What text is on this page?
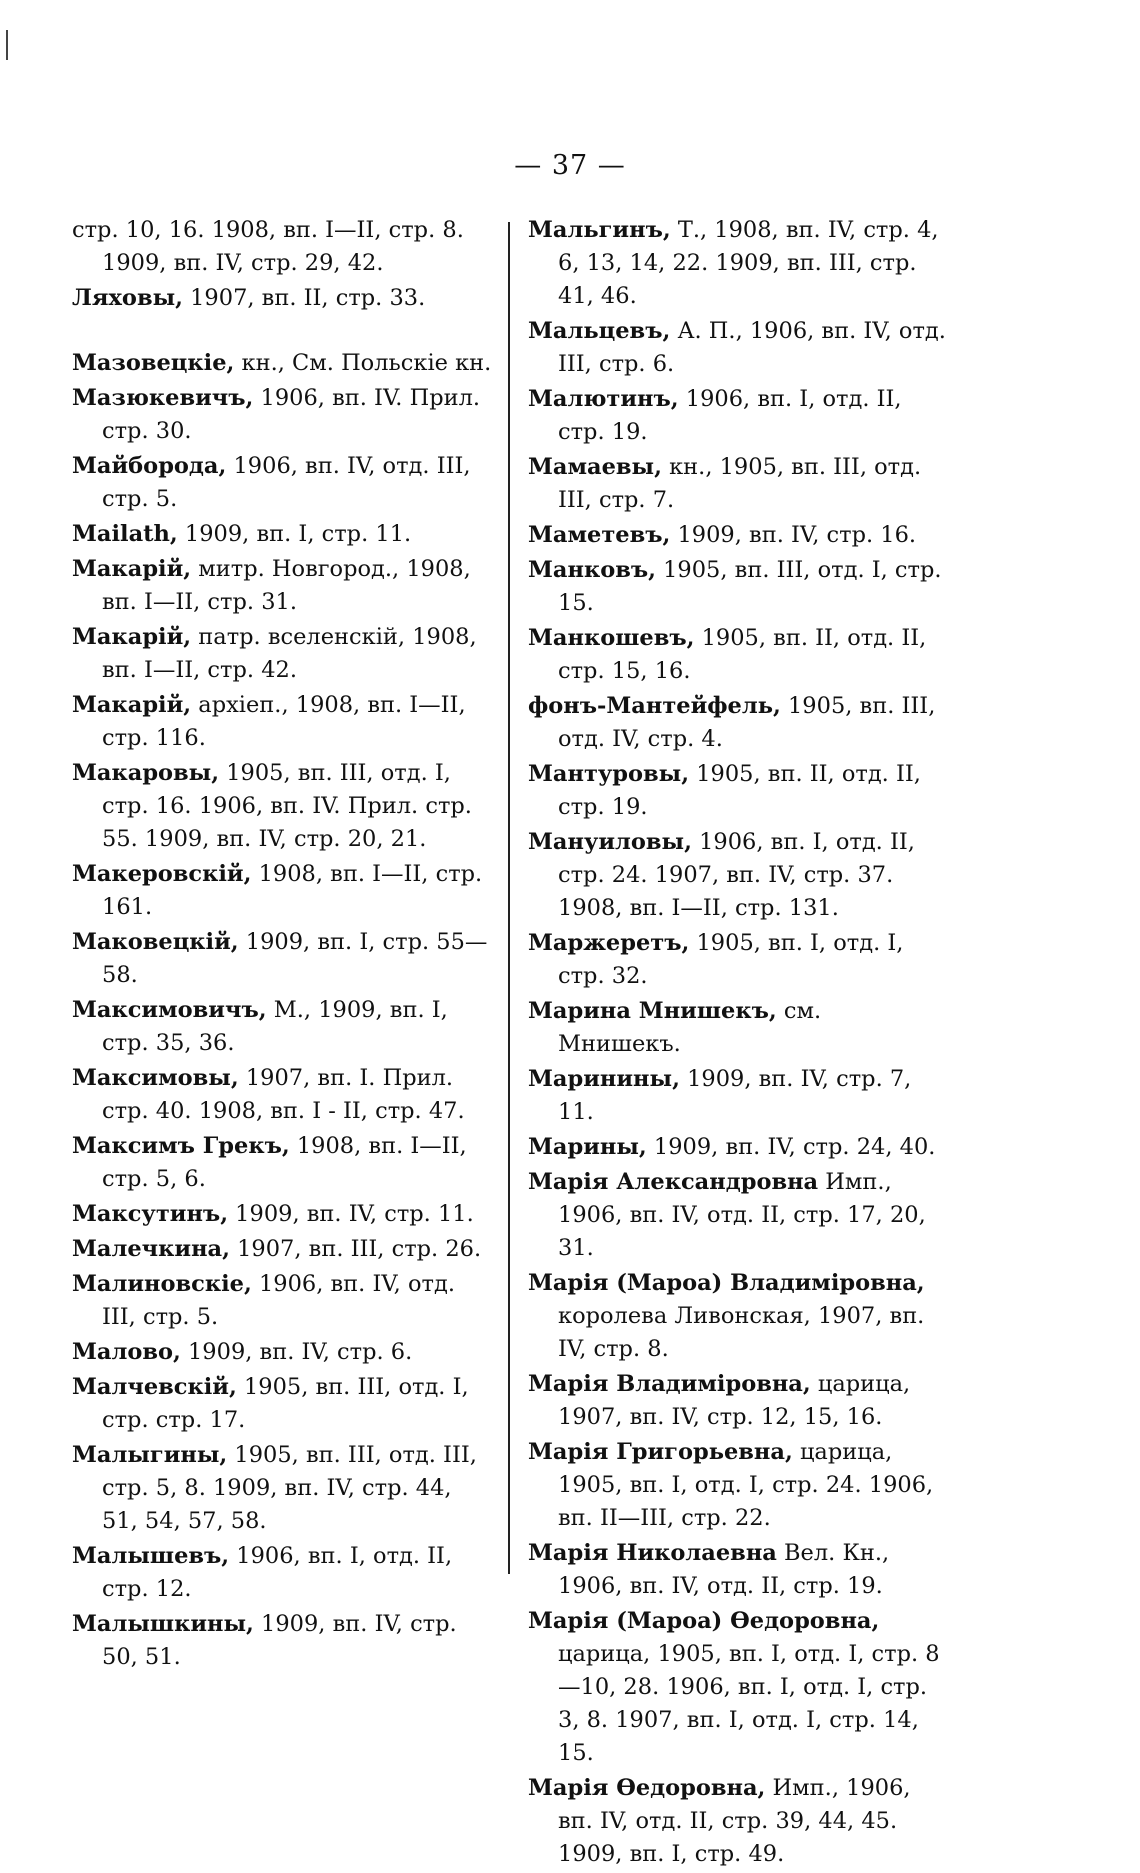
— 37 —
стр. 10, 16. 1908, вп. I—II, стр. 8. 1909, вп. IV, стр. 29, 42.
Ляховы, 1907, вп. II, стр. 33.
Мазовецкіе, кн., См. Польскіе кн.
Мазюкевичъ, 1906, вп. IV. Прил. стр. 30.
Майборода, 1906, вп. IV, отд. III, стр. 5.
Mailath, 1909, вп. I, стр. 11.
Макарій, митр. Новгород., 1908, вп. I—II, стр. 31.
Макарій, патр. вселенскій, 1908, вп. I—II, стр. 42.
Макарій, архіеп., 1908, вп. I—II, стр. 116.
Макаровы, 1905, вп. III, отд. I, стр. 16. 1906, вп. IV. Прил. стр. 55. 1909, вп. IV, стр. 20, 21.
Макеровскій, 1908, вп. I—II, стр. 161.
Маковецкій, 1909, вп. I, стр. 55—58.
Максимовичъ, М., 1909, вп. I, стр. 35, 36.
Максимовы, 1907, вп. I. Прил. стр. 40. 1908, вп. I - II, стр. 47.
Максимъ Грекъ, 1908, вп. I—II, стр. 5, 6.
Максутинъ, 1909, вп. IV, стр. 11.
Малечкина, 1907, вп. III, стр. 26.
Малиновскіе, 1906, вп. IV, отд. III, стр. 5.
Малово, 1909, вп. IV, стр. 6.
Малчевскій, 1905, вп. III, отд. I, стр. стр. 17.
Малыгины, 1905, вп. III, отд. III, стр. 5, 8. 1909, вп. IV, стр. 44, 51, 54, 57, 58.
Малышевъ, 1906, вп. I, отд. II, стр. 12.
Малышкины, 1909, вп. IV, стр. 50, 51.
Мальгинъ, Т., 1908, вп. IV, стр. 4, 6, 13, 14, 22. 1909, вп. III, стр. 41, 46.
Мальцевъ, А. П., 1906, вп. IV, отд. III, стр. 6.
Малютинъ, 1906, вп. I, отд. II, стр. 19.
Мамаевы, кн., 1905, вп. III, отд. III, стр. 7.
Маметевъ, 1909, вп. IV, стр. 16.
Манковъ, 1905, вп. III, отд. I, стр. 15.
Манкошевъ, 1905, вп. II, отд. II, стр. 15, 16.
фонъ-Мантейфель, 1905, вп. III, отд. IV, стр. 4.
Мантуровы, 1905, вп. II, отд. II, стр. 19.
Мануиловы, 1906, вп. I, отд. II, стр. 24. 1907, вп. IV, стр. 37. 1908, вп. I—II, стр. 131.
Маржеретъ, 1905, вп. I, отд. I, стр. 32.
Марина Мнишекъ, см. Мнишекъ.
Маринины, 1909, вп. IV, стр. 7, 11.
Марины, 1909, вп. IV, стр. 24, 40.
Марія Александровна Имп., 1906, вп. IV, отд. II, стр. 17, 20, 31.
Марія (Мароа) Владиміровна, королева Ливонская, 1907, вп. IV, стр. 8.
Марія Владиміровна, царица, 1907, вп. IV, стр. 12, 15, 16.
Марія Григорьевна, царица, 1905, вп. I, отд. I, стр. 24. 1906, вп. II—III, стр. 22.
Марія Николаевна Вел. Кн., 1906, вп. IV, отд. II, стр. 19.
Марія (Мароа) Өедоровна, царица, 1905, вп. I, отд. I, стр. 8—10, 28. 1906, вп. I, отд. I, стр. 3, 8. 1907, вп. I, отд. I, стр. 14, 15.
Марія Өедоровна, Имп., 1906, вп. IV, отд. II, стр. 39, 44, 45. 1909, вп. I, стр. 49.
